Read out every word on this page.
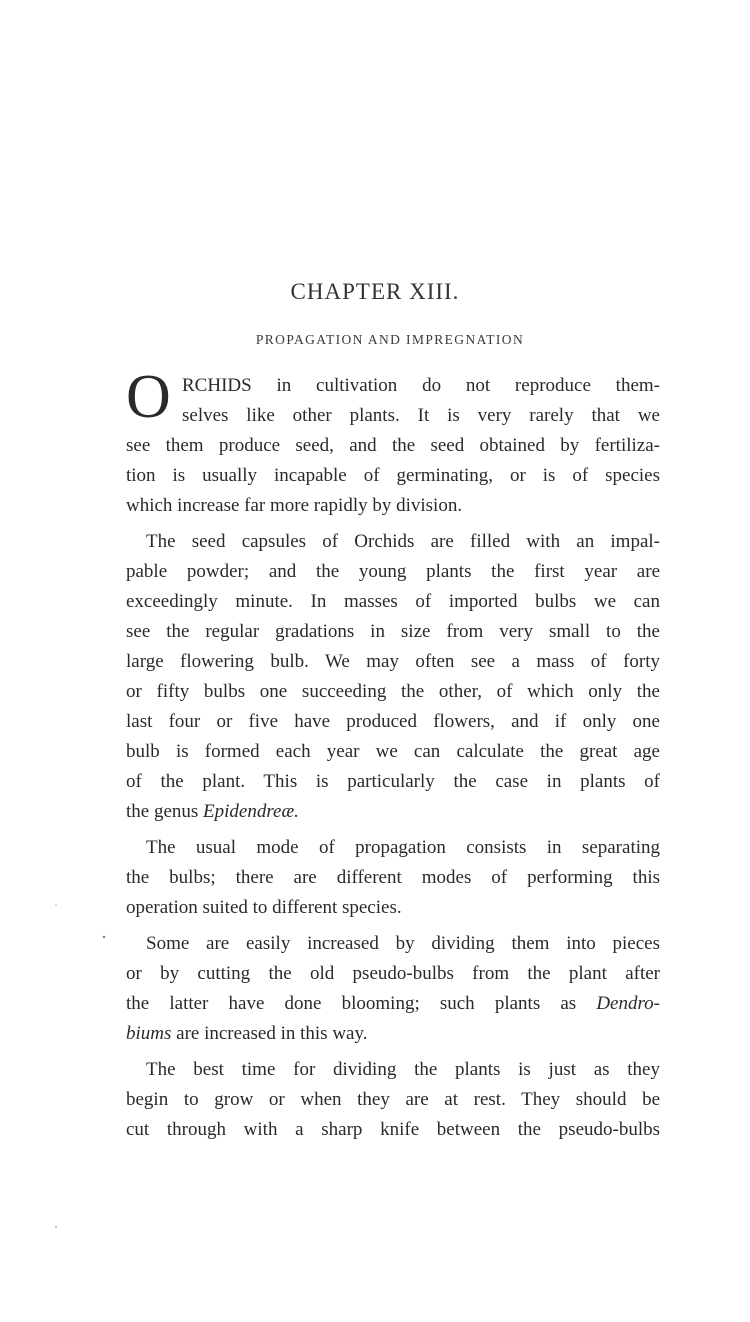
CHAPTER XIII.
PROPAGATION AND IMPREGNATION
O RCHIDS in cultivation do not reproduce them-
selves like other plants. It is very rarely that we
see them produce seed, and the seed obtained by fertiliza-
tion is usually incapable of germinating, or is of species
which increase far more rapidly by division.
The seed capsules of Orchids are filled with an impal-
pable powder; and the young plants the first year are
exceedingly minute. In masses of imported bulbs we can
see the regular gradations in size from very small to the
large flowering bulb. We may often see a mass of forty
or fifty bulbs one succeeding the other, of which only the
last four or five have produced flowers, and if only one
bulb is formed each year we can calculate the great age
of the plant. This is particularly the case in plants of
the genus Epidendreæ.
The usual mode of propagation consists in separating
the bulbs; there are different modes of performing this
operation suited to different species.
Some are easily increased by dividing them into pieces
or by cutting the old pseudo-bulbs from the plant after
the latter have done blooming; such plants as Dendro-
biums are increased in this way.
The best time for dividing the plants is just as they
begin to grow or when they are at rest. They should be
cut through with a sharp knife between the pseudo-bulbs
